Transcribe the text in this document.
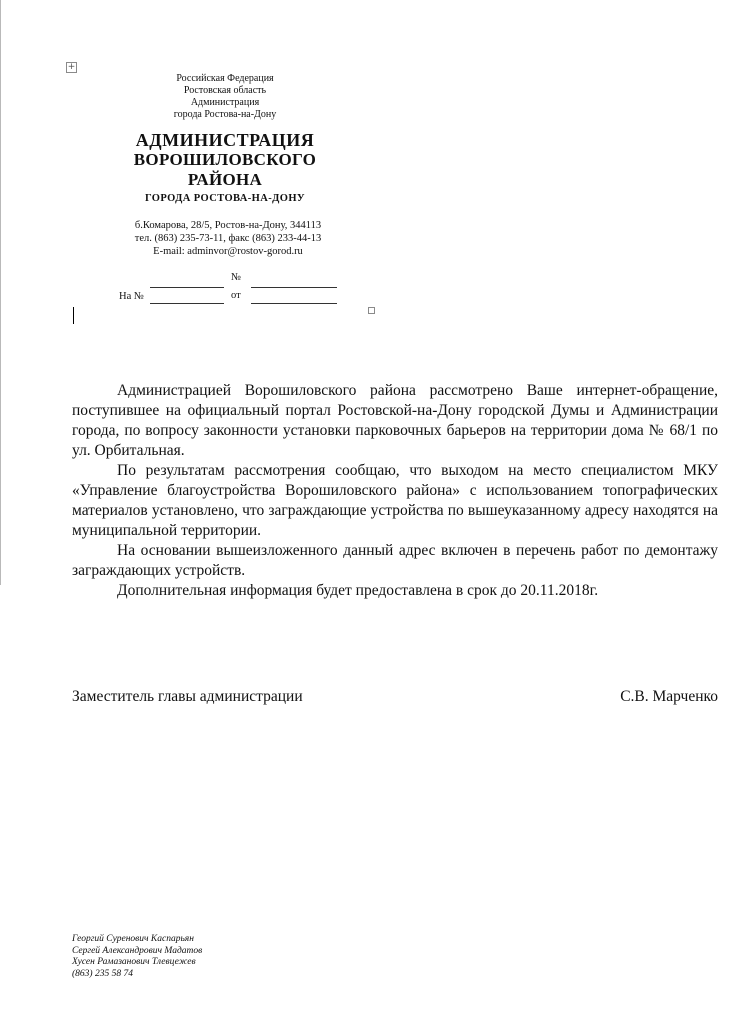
+
Российская Федерация
Ростовская область
Администрация
города Ростова-на-Дону
АДМИНИСТРАЦИЯ
ВОРОШИЛОВСКОГО
РАЙОНА
ГОРОДА РОСТОВА-НА-ДОНУ
б.Комарова, 28/5, Ростов-на-Дону, 344113
тел. (863) 235-73-11, факс (863) 233-44-13
E-mail: adminvor@rostov-gorod.ru
№
На №	от

Администрацией Ворошиловского района рассмотрено Ваше интернет-обращение, поступившее на официальный портал Ростовской-на-Дону городской Думы и Администрации города, по вопросу законности установки парковочных барьеров на территории дома № 68/1 по ул. Орбитальная.

По результатам рассмотрения сообщаю, что выходом на место специалистом МКУ «Управление благоустройства Ворошиловского района» с использованием топографических материалов установлено, что заграждающие устройства по вышеуказанному адресу находятся на муниципальной территории.

На основании вышеизложенного данный адрес включен в перечень работ по демонтажу заграждающих устройств.

Дополнительная информация будет предоставлена в срок до 20.11.2018г.

Заместитель главы администрации	С.В. Марченко
Георгий Суренович Каспарьян
Сергей Александрович Мадатов
Хусен Рамазанович Тлевцежев
(863) 235 58 74
